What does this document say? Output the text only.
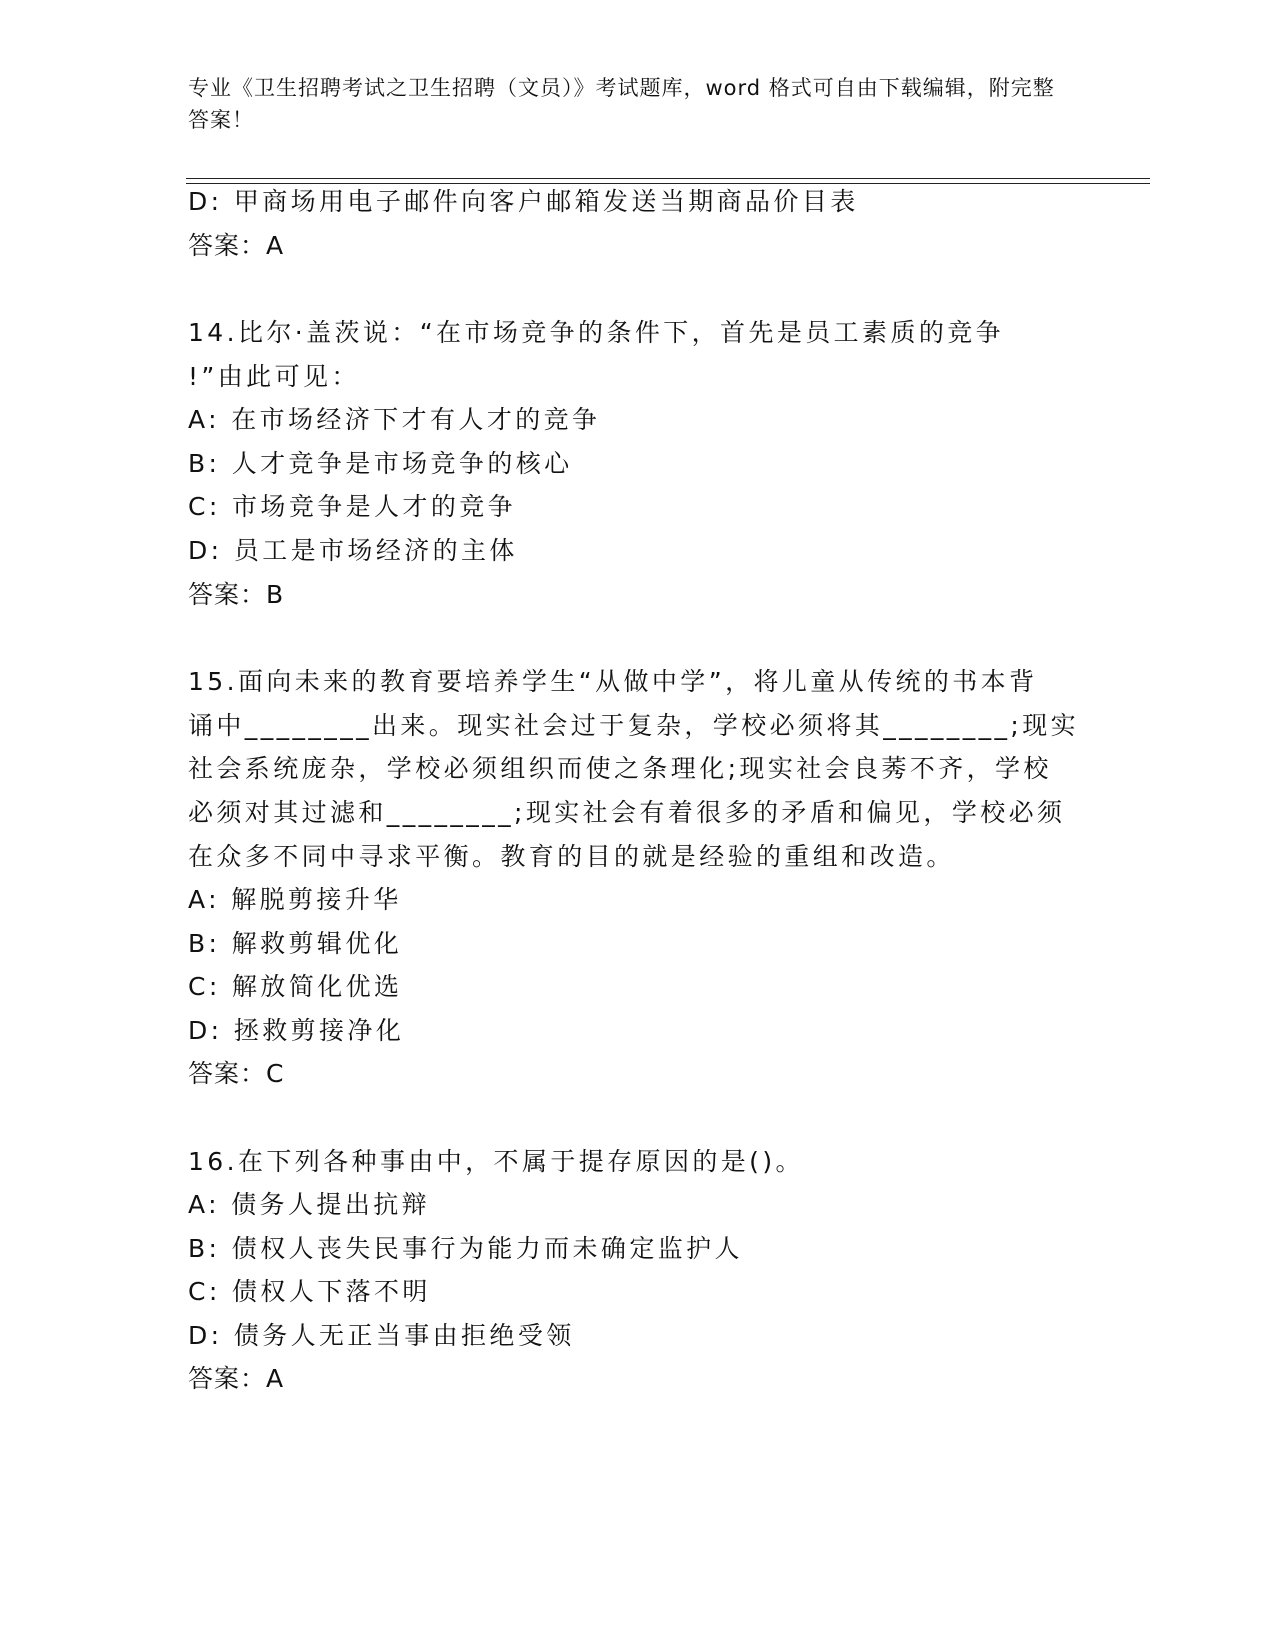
专业《卫生招聘考试之卫生招聘（文员）》考试题库，word 格式可自由下载编辑，附完整答案！
D: 甲商场用电子邮件向客户邮箱发送当期商品价目表
答案：A
14.比尔·盖茨说：“在市场竞争的条件下，首先是员工素质的竞争
!”由此可见：
A: 在市场经济下才有人才的竞争
B: 人才竞争是市场竞争的核心
C: 市场竞争是人才的竞争
D: 员工是市场经济的主体
答案：B
15.面向未来的教育要培养学生“从做中学”，将儿童从传统的书本背
诵中________出来。现实社会过于复杂，学校必须将其________;现实
社会系统庞杂，学校必须组织而使之条理化;现实社会良莠不齐，学校
必须对其过滤和________;现实社会有着很多的矛盾和偏见，学校必须
在众多不同中寻求平衡。教育的目的就是经验的重组和改造。
A: 解脱剪接升华
B: 解救剪辑优化
C: 解放简化优选
D: 拯救剪接净化
答案：C
16.在下列各种事由中，不属于提存原因的是()。
A: 债务人提出抗辩
B: 债权人丧失民事行为能力而未确定监护人
C: 债权人下落不明
D: 债务人无正当事由拒绝受领
答案：A
